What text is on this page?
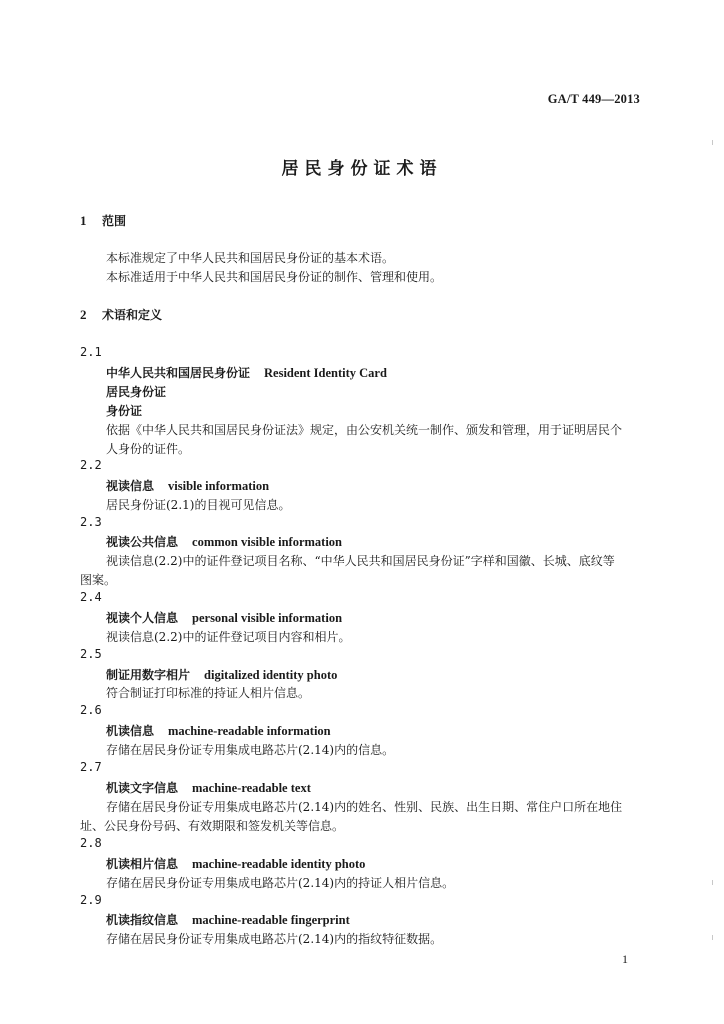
GA/T 449—2013
居民身份证术语
1 范围
本标准规定了中华人民共和国居民身份证的基本术语。
本标准适用于中华人民共和国居民身份证的制作、管理和使用。
2 术语和定义
2.1
中华人民共和国居民身份证 Resident Identity Card
居民身份证
身份证
依据《中华人民共和国居民身份证法》规定，由公安机关统一制作、颁发和管理，用于证明居民个
人身份的证件。
2.2
视读信息 visible information
居民身份证(2.1)的目视可见信息。
2.3
视读公共信息 common visible information
视读信息(2.2)中的证件登记项目名称、“中华人民共和国居民身份证”字样和国徽、长城、底纹等
图案。
2.4
视读个人信息 personal visible information
视读信息(2.2)中的证件登记项目内容和相片。
2.5
制证用数字相片 digitalized identity photo
符合制证打印标准的持证人相片信息。
2.6
机读信息 machine-readable information
存储在居民身份证专用集成电路芯片(2.14)内的信息。
2.7
机读文字信息 machine-readable text
存储在居民身份证专用集成电路芯片(2.14)内的姓名、性别、民族、出生日期、常住户口所在地住
址、公民身份号码、有效期限和签发机关等信息。
2.8
机读相片信息 machine-readable identity photo
存储在居民身份证专用集成电路芯片(2.14)内的持证人相片信息。
2.9
机读指纹信息 machine-readable fingerprint
存储在居民身份证专用集成电路芯片(2.14)内的指纹特征数据。
1
